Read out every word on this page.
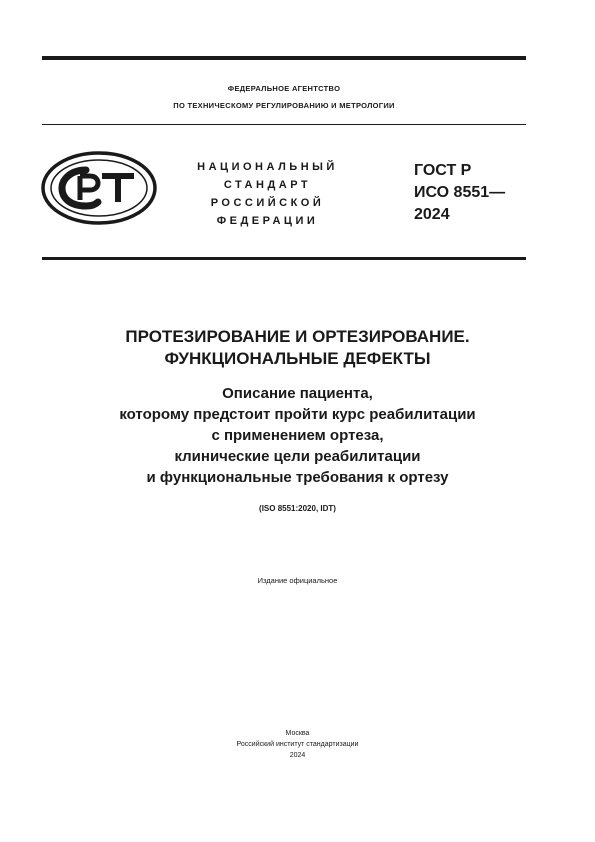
ФЕДЕРАЛЬНОЕ АГЕНТСТВО
ПО ТЕХНИЧЕСКОМУ РЕГУЛИРОВАНИЮ И МЕТРОЛОГИИ
НАЦИОНАЛЬНЫЙ
СТАНДАРТ
РОССИЙСКОЙ
ФЕДЕРАЦИИ
ГОСТ Р
ИСО 8551—
2024
ПРОТЕЗИРОВАНИЕ И ОРТЕЗИРОВАНИЕ.
ФУНКЦИОНАЛЬНЫЕ ДЕФЕКТЫ
Описание пациента,
которому предстоит пройти курс реабилитации
с применением ортеза,
клинические цели реабилитации
и функциональные требования к ортезу
(ISO 8551:2020, IDT)
Издание официальное
Москва
Российский институт стандартизации
2024
